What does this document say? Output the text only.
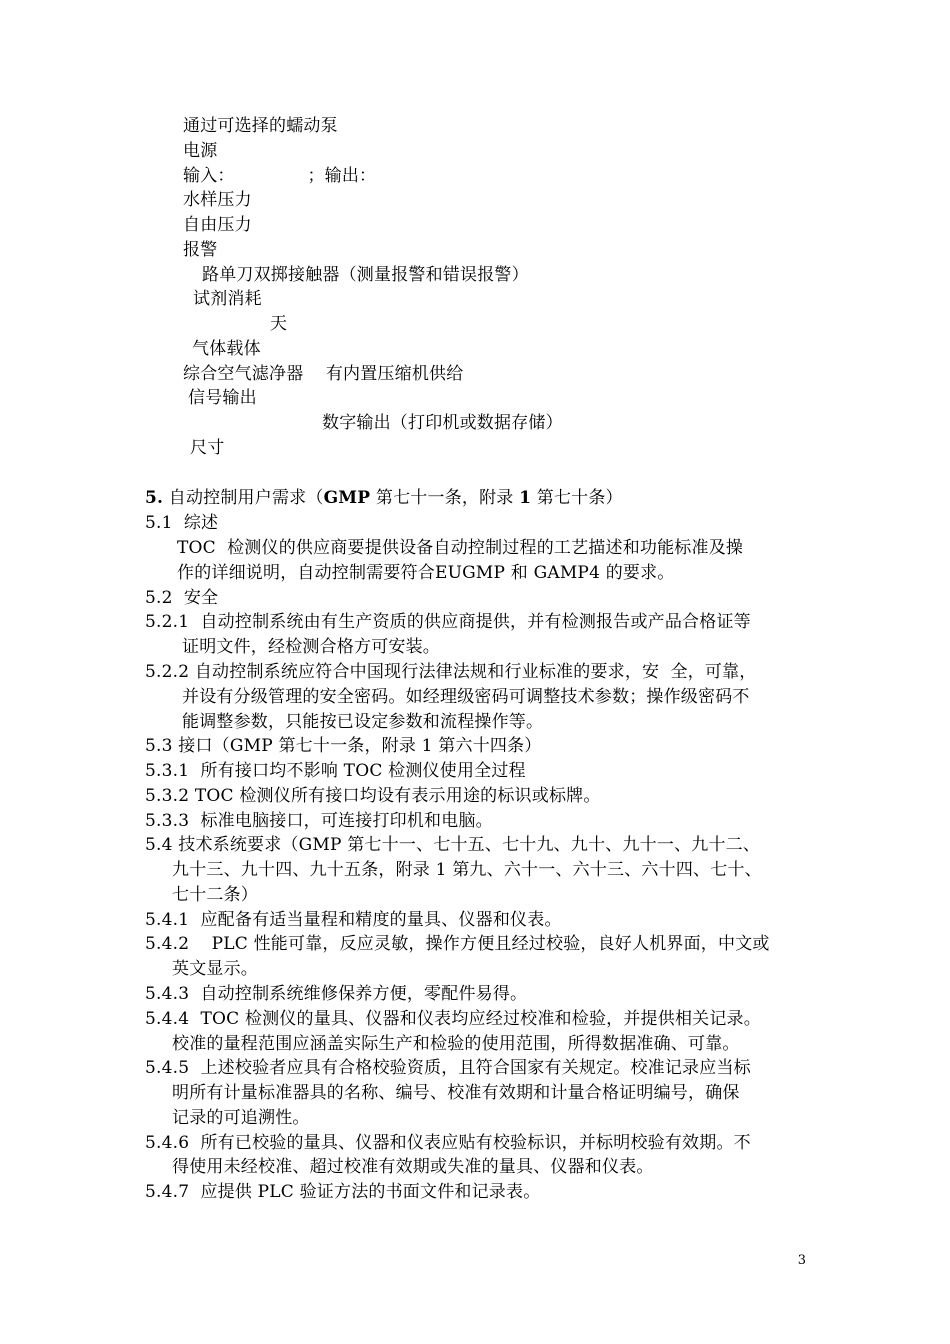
通过可选择的蠕动泵
电源
输入：             ；输出：
水样压力
自由压力
报警
路单刀双掷接触器（测量报警和错误报警）
试剂消耗
天
气体载体
综合空气滤净器    有内置压缩机供给
信号输出
数字输出（打印机或数据存储）
尺寸
5. 自动控制用户需求（GMP 第七十一条，附录 1 第七十条）
5.1  综述
TOC  检测仪的供应商要提供设备自动控制过程的工艺描述和功能标准及操
作的详细说明，自动控制需要符合EUGMP 和 GAMP4 的要求。
5.2  安全
5.2.1  自动控制系统由有生产资质的供应商提供，并有检测报告或产品合格证等
证明文件，经检测合格方可安装。
5.2.2 自动控制系统应符合中国现行法律法规和行业标准的要求，安  全，可靠，
并设有分级管理的安全密码。如经理级密码可调整技术参数；操作级密码不
能调整参数，只能按已设定参数和流程操作等。
5.3 接口（GMP 第七十一条，附录 1 第六十四条）
5.3.1  所有接口均不影响 TOC 检测仪使用全过程
5.3.2 TOC 检测仪所有接口均设有表示用途的标识或标牌。
5.3.3  标准电脑接口，可连接打印机和电脑。
5.4 技术系统要求（GMP 第七十一、七十五、七十九、九十、九十一、九十二、
九十三、九十四、九十五条，附录 1 第九、六十一、六十三、六十四、七十、
七十二条）
5.4.1  应配备有适当量程和精度的量具、仪器和仪表。
5.4.2    PLC 性能可靠，反应灵敏，操作方便且经过校验，良好人机界面，中文或
英文显示。
5.4.3  自动控制系统维修保养方便，零配件易得。
5.4.4  TOC 检测仪的量具、仪器和仪表均应经过校准和检验，并提供相关记录。
校准的量程范围应涵盖实际生产和检验的使用范围，所得数据准确、可靠。
5.4.5  上述校验者应具有合格校验资质，且符合国家有关规定。校准记录应当标
明所有计量标准器具的名称、编号、校准有效期和计量合格证明编号，确保
记录的可追溯性。
5.4.6  所有已校验的量具、仪器和仪表应贴有校验标识，并标明校验有效期。不
得使用未经校准、超过校准有效期或失准的量具、仪器和仪表。
5.4.7  应提供 PLC 验证方法的书面文件和记录表。
3
